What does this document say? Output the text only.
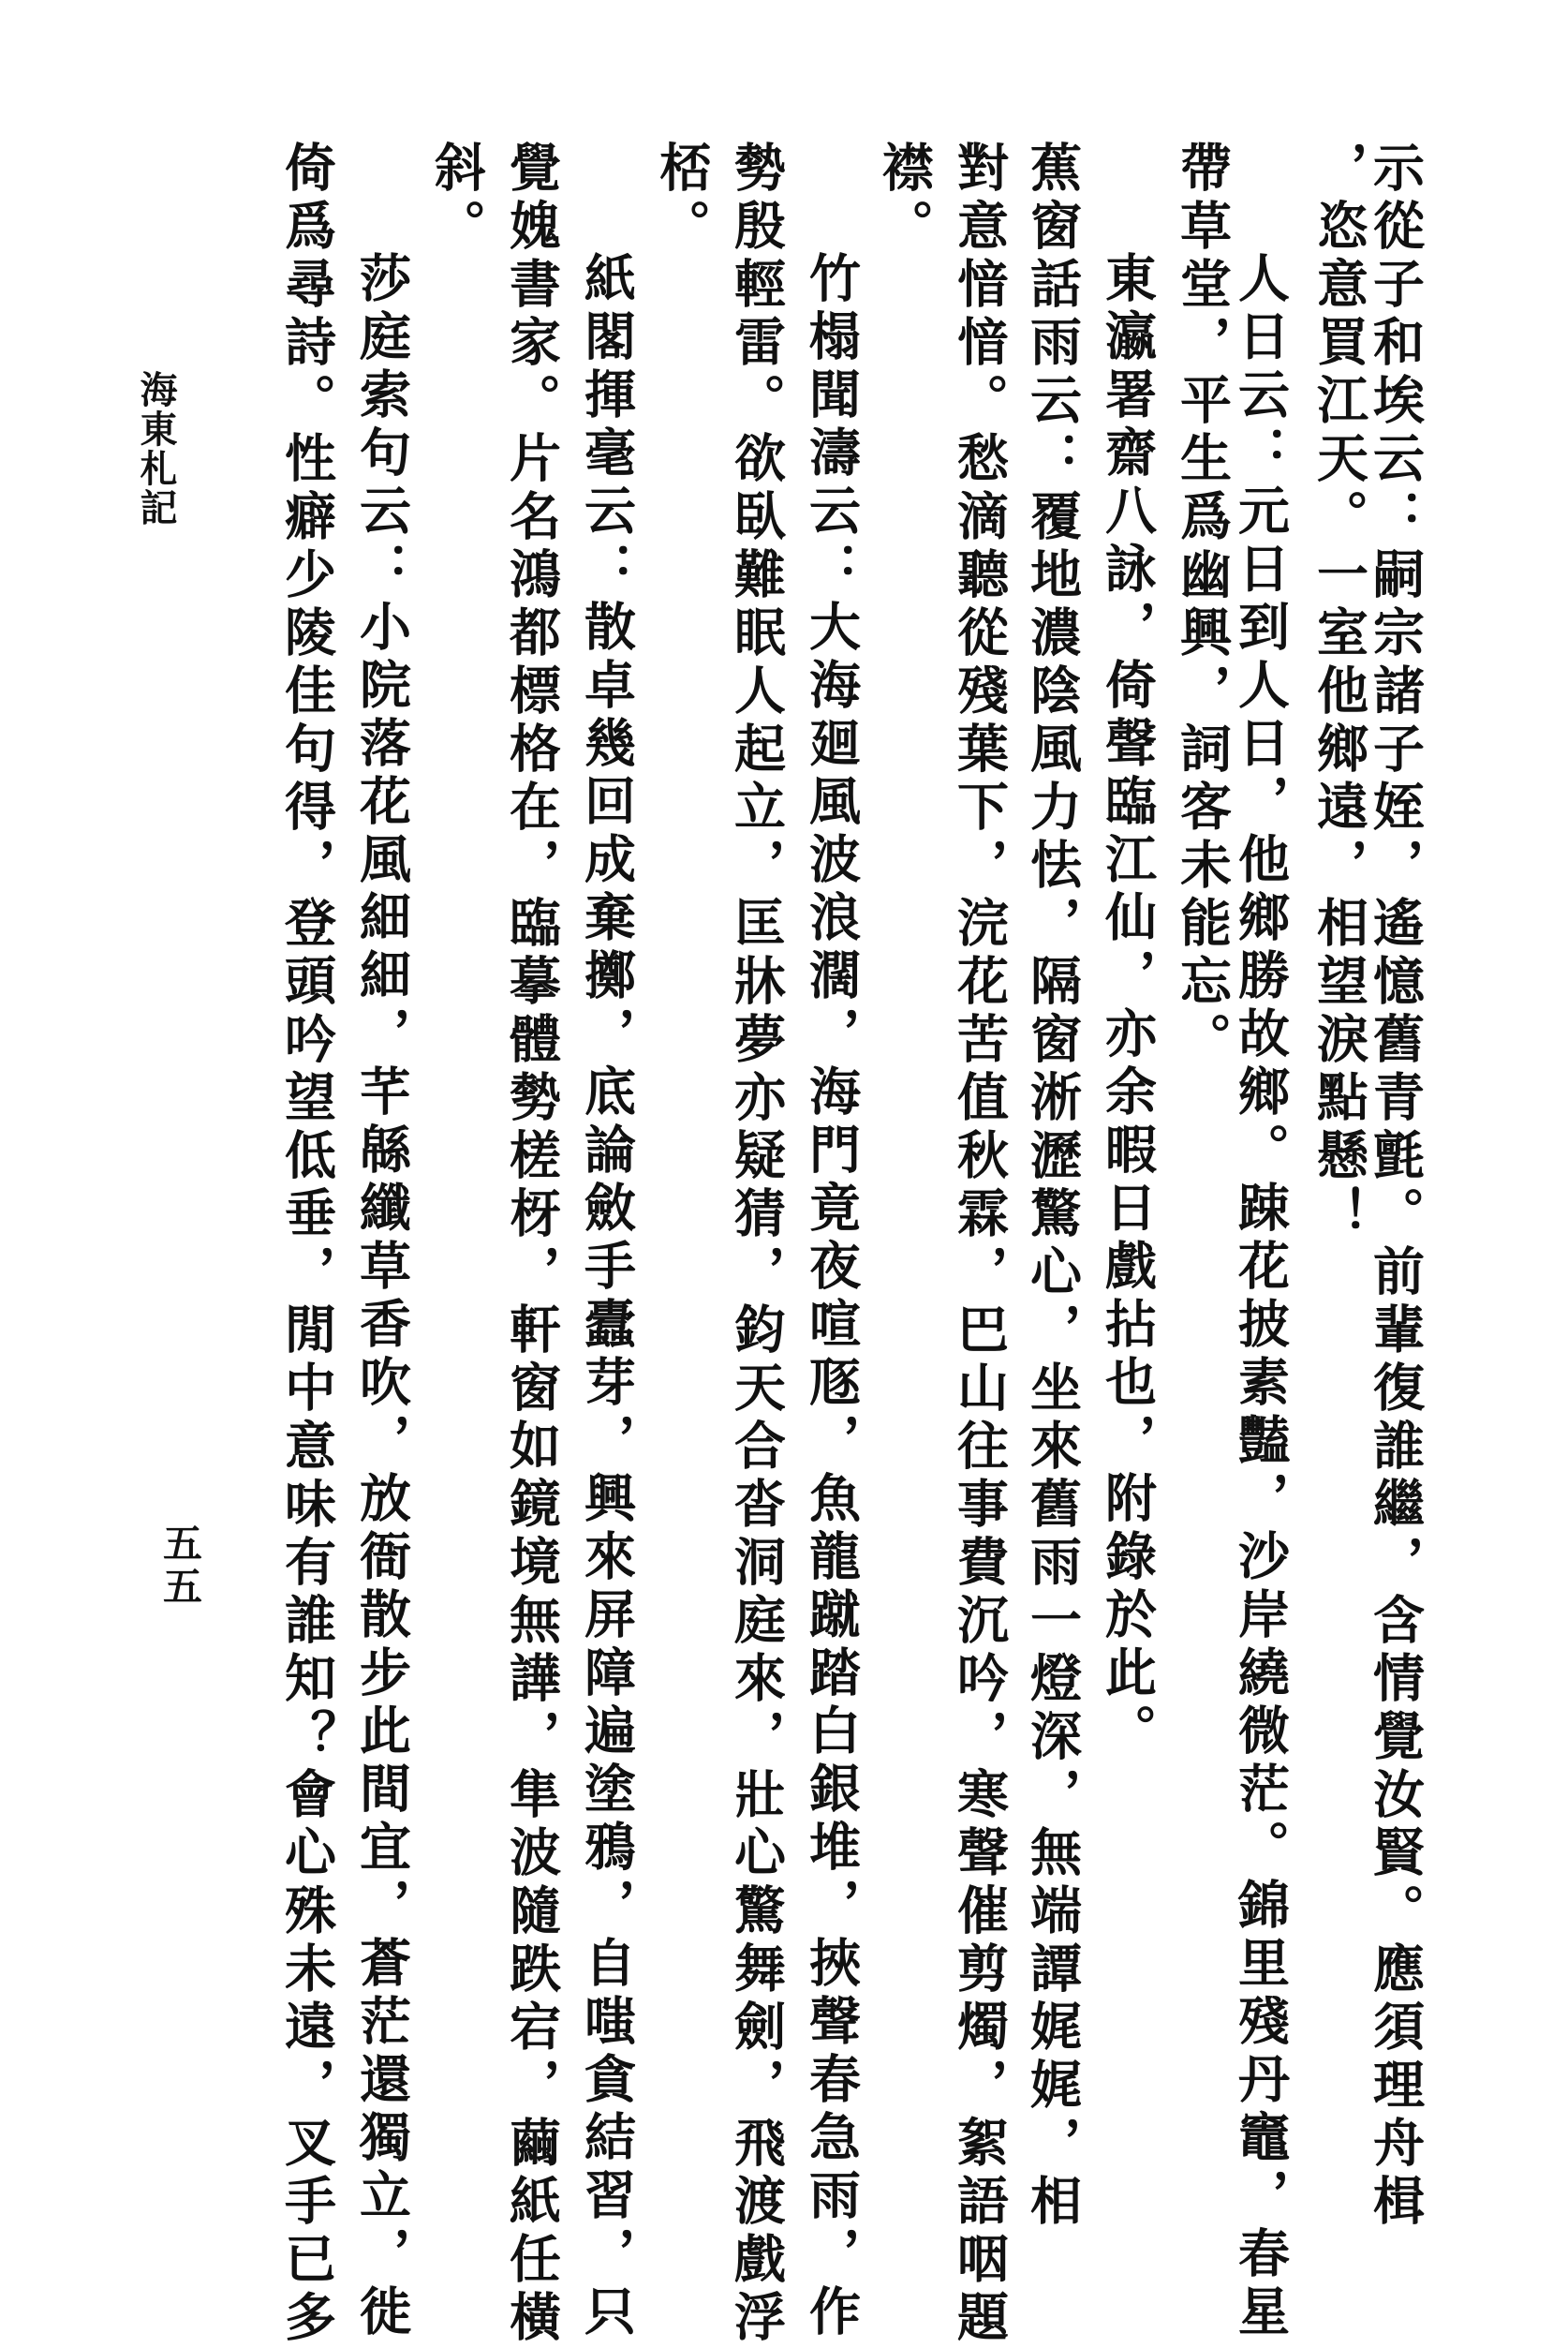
示從子和埃云：嗣宗諸子姪，遙憶舊青氈。前輩復誰繼，含情覺汝賢。應須理舟楫
，恣意買江天。一室他鄉遠，相望淚點懸！
人日云：元日到人日，他鄉勝故鄉。踈花披素豔，沙岸繞微茫。錦里殘丹竈，春星
帶草堂，平生爲幽興，詞客未能忘。
東瀛署齋八詠，倚聲臨江仙，亦余暇日戲拈也，附錄於此。
蕉窗話雨云：覆地濃陰風力怯，隔窗淅瀝驚心，坐來舊雨一燈深，無端譚娓娓，相
對意愔愔。愁滴聽從殘葉下，浣花苦值秋霖，巴山往事費沉吟，寒聲催剪燭，絮語咽題
襟。
竹榻聞濤云：大海廻風波浪濶，海門竟夜喧豗，魚龍蹴踏白銀堆，挾聲春急雨，作
勢殷輕雷。欲臥難眠人起立，匡牀夢亦疑猜，鈞天合沓洞庭來，壯心驚舞劍，飛渡戲浮
桮。
紙閣揮毫云：散卓幾回成棄擲，底論斂手蠹芽，興來屏障遍塗鴉，自嗤貪結習，只
覺媿書家。片名鴻都標格在，臨摹體勢槎枒，軒窗如鏡境無譁，隼波隨跌宕，繭紙任橫
斜。
莎庭索句云：小院落花風細細，芊緜纖草香吹，放衙散步此間宜，蒼茫還獨立，徙
倚爲尋詩。性癖少陵佳句得，登頭吟望低垂，閒中意味有誰知？會心殊未遠，叉手已多
海東札記
五五
